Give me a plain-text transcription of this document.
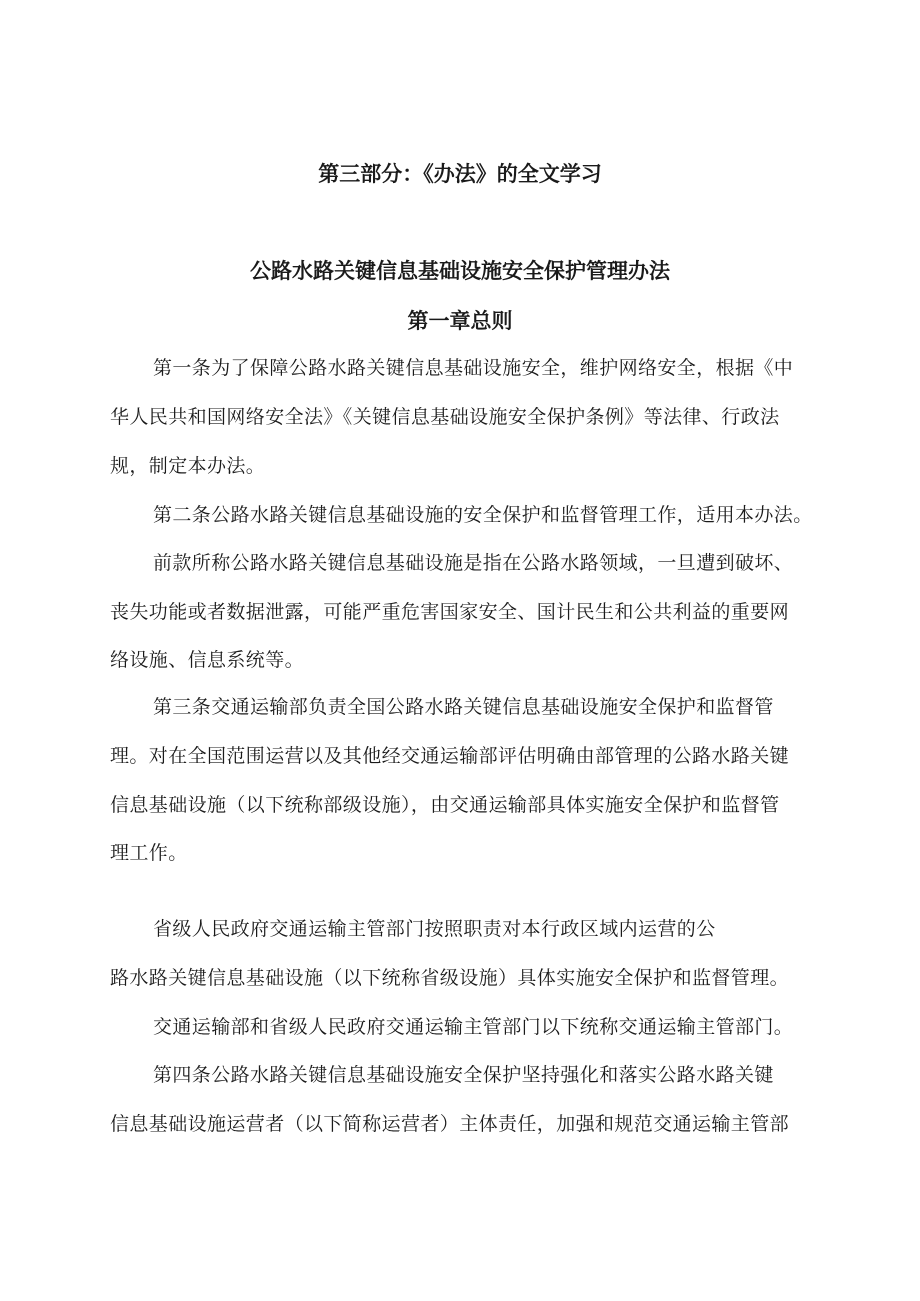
第三部分：《办法》的全文学习
公路水路关键信息基础设施安全保护管理办法
第一章总则
第一条为了保障公路水路关键信息基础设施安全，维护网络安全，根据《中
华人民共和国网络安全法》《关键信息基础设施安全保护条例》等法律、行政法
规，制定本办法。
第二条公路水路关键信息基础设施的安全保护和监督管理工作，适用本办法。
前款所称公路水路关键信息基础设施是指在公路水路领域，一旦遭到破坏、
丧失功能或者数据泄露，可能严重危害国家安全、国计民生和公共利益的重要网
络设施、信息系统等。
第三条交通运输部负责全国公路水路关键信息基础设施安全保护和监督管
理。对在全国范围运营以及其他经交通运输部评估明确由部管理的公路水路关键
信息基础设施（以下统称部级设施），由交通运输部具体实施安全保护和监督管
理工作。
省级人民政府交通运输主管部门按照职责对本行政区域内运营的公
路水路关键信息基础设施（以下统称省级设施）具体实施安全保护和监督管理。
交通运输部和省级人民政府交通运输主管部门以下统称交通运输主管部门。
第四条公路水路关键信息基础设施安全保护坚持强化和落实公路水路关键
信息基础设施运营者（以下简称运营者）主体责任，加强和规范交通运输主管部
